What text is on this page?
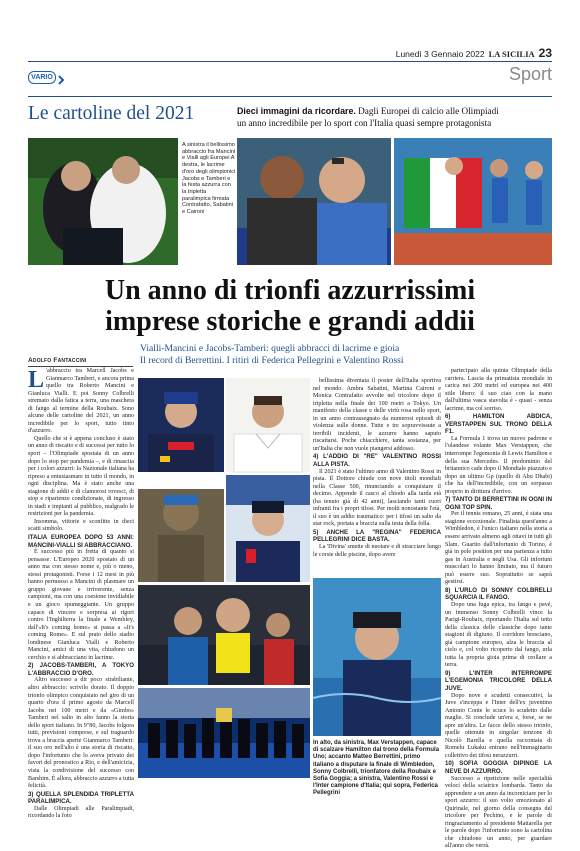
Lunedì 3 Gennaio 2022 LA SICILIA 23
VARIO	Sport
Le cartoline del 2021	Dieci immagini da ricordare. Dagli Europei di calcio alle Olimpiadi
un anno incredibile per lo sport con l'Italia quasi sempre protagonista
A sinistra il bellissimo abbraccio fra Mancini e Vialli agli Europei A destra, le lacrime d'oro degli olimpionici Jacobs e Tamberi e la festa azzurra con la tripletta paralimpica firmata Contrafatto, Sabatini e Caironi
Un anno di trionfi azzurrissimi
imprese storiche e grandi addii
Vialli-Mancini e Jacobs-Tamberi: quegli abbracci di lacrime e gioia
Il record di Berrettini. I ritiri di Federica Pellegrini e Valentino Rossi
Adolfo Fantaccini
L 'abbraccio tra Marcell Jacobs e Gianmarco Tamberi, e ancora prima quello tra Roberto Mancini e Gianluca Vialli. E poi Sonny Colbrelli stremato dalla fatica a terra, una maschera di fango al termine della Roubaix. Sono alcune delle cartoline del 2021, un anno incredibile per lo sport, tutto tinto d'azzurro.

Quello che si è appena concluso è stato un anno di riscatto e di successi per tutto lo sport – l'Olimpiade spostata di un anno dopo lo stop per pandemia –, e di rinascita per i colori azzurri: la Nazionale italiana ha ripreso a entusiasmare in tutto il mondo, in ogni disciplina. Ma è stato anche una stagione di addii e di clamorosi rovesci, di stop e ripartenze condizionate, di ingresso in stadi e impianti al pubblico, malgrado le restrizioni per la pandemia.

Insomma, vittorie e sconfitte in dieci scatti simbolo.

ITALIA EUROPEA DOPO 53 ANNI: MANCINI-VIALLI SI ABBRACCIANO.

È successo più in fretta di quanto si pensasse. L'Europeo 2020 spostato di un anno ma con stesso nome e, più o meno, stessi protagonisti. Forse i 12 mesi in più hanno permesso a Mancini di plasmare un gruppo giovane e irriverente, senza campioni, ma con una coesione invidiabile e un gioco spumeggiante. Un gruppo capace di vincere e sorpresa ai rigori contro l'Inghilterra la finale a Wembley, dall'«It's coming home» si passa a «It's coming Rome». E sul prato dello stadio londinese Gianluca Vialli e Roberto Mancini, amici di una vita, chiudono un cerchio e si abbracciano in lacrime.

2) JACOBS-TAMBERI, A TOKYO L'ABBRACCIO D'ORO.

Altro successo a dir poco strabiliante, altro abbraccio: scrivilo dorato. Il doppio trionfo olimpico conquistato nel giro di un quarto d'ora il primo agosto da Marcell Jacobs nei 100 metri e da «Gimbo» Tamberi nel salto in alto fanno la storia dello sport italiano. In 9"80, Jacobs folgora tutti, previsioni comprese, e sul traguardo trova a braccia aperte Gianmarco Tamberi: il suo oro nell'alto è una storia di riscatto, dopo l'infortunio che lo aveva privato dei favori del pronostico a Rio, e dell'amicizia, vista la condivisione del successo con Barshim. È allora, abbraccio azzurro a tutta felicità.

3) QUELLA SPLENDIDA TRIPLETTA PARALIMPICA.

Dalle Olimpiadi alle Paralimpiadi, ricordando la foto

In alto, da sinistra, Max Verstappen, capace di scalzare Hamilton dal trono della Formula Uno; accanto Matteo Berrettini, primo italiano a disputare la finale di Wimbledon, Sonny Colbrelli, trionfatore della Roubaix e Sofia Goggia; a sinistra, Valentino Rossi e l'Inter campione d'Italia; qui sopra, Federica Pellegrini

bellissima diventata il poster dell'Italia sportiva nel mondo. Ambra Sabatini, Martina Caironi e Monica Contrafatto avvolte nel tricolore dopo il tripletta nella finale dei 100 metri a Tokyo. Un manifesto della classe e delle virtù rosa nello sport, in un anno contrassegnato da numerosi episodi di violenza sulle donne. Tutte e tre sopravvissute a terribili incidenti, le azzurre hanno saputo riscattarsi. Poche chiacchiere, tanta sostanza, per un'Italia che non vuole piangersi addosso.

4) L'ADDIO DI "RE" VALENTINO ROSSI ALLA PISTA.

Il 2021 è stato l'ultimo anno di Valentino Rossi in pista. Il Dottore chiude con nove titoli mondiali nella Classe 500, rinunciando a conquistare il decimo. Appende il casco al chiodo alla tarda età (ha tenuto già di 42 anni), lasciando tanti cuori infranti fra i propri tifosi. Per molti nonostante l'età, il suo è un addio traumatico: per i tifosi un salto da star rock, portata a braccia sulla testa della folla.

5) ANCHE LA "REGINA" FEDERICA PELLEGRINI DICE BASTA.

La 'Divina' smette di nuotare e di stracciare lungo le corsie delle piscine, dopo avere

partecipato alla quinta Olimpiade della carriera. Lascia da primatista mondiale in carica nei 200 metri ed europea nei 400 stile libero: il suo ciao con la mano dall'ultima vasca stavolta è - quasi - senza lacrime, ma col sorriso.

6) HAMILTON ABDICA, VERSTAPPEN SUL TRONO DELLA F1.

La Formula 1 trova un nuovo padrone e l'olandese volante Max Verstappen, che interrompe l'egemonia di Lewis Hamilton e della sua Mercedes. Il predominio del britannico cade dopo il Mondiale piazzato e dopo un ultimo Gp (quello di Abu Dhabi) che ha dell'incredibile, con un sorpasso proprio in dirittura d'arrivo.

7) TANTO DI BERRETTINI IN OGNI IN OGNI TOP SPIN.

Per il tennis romano, 25 anni, è stata una stagione eccezionale. Finalista quest'anno a Wimbledon, è l'unico italiano nella storia a essere arrivato almeno agli ottavi in tutti gli Slam. Guarito dall'infortunio di Torino, è già in pole position per una partenza a tutto gas in Australia e negli Usa. Gli infortuni muscolari lo hanno limitato, ma il futuro può essere suo. Soprattutto se saprà gestirsi.

8) L'URLO DI SONNY COLBRELLI SQUARCIA IL FANGO.

Dopo una fuga epica, tra fango e pavé, un immenso Sonny Colbrelli vince la Parigi-Roubaix, riportando l'Italia sul tetto della classica delle classiche dopo tante stagioni di digiuno. Il corridore bresciano, già campione europeo, alza le braccia al cielo e, col volto ricoperto dal fango, urla tutta la propria gioia prima di crollare a terra.

9) L'INTER INTERROMPE L'EGEMONIA TRICOLORE DELLA JUVE.

Dopo nove e scudetti consecutivi, la Juve s'inceppa e l'Inter dell'ex juventino Antonio Conte le scuce lo scudetto dalle maglie. Si conclude un'era e, forse, se ne apre un'altra. Le facce dello stesso trionfo, quelle ottenute in singolar tenzone di Nicolò Barella e quella raccontata di Romelu Lukaku entrano nell'immaginario collettivo dei tifosi nerazzurri.

10) SOFIA GOGGIA DIPINGE LA NEVE DI AZZURRO.

Successo a ripetizione nelle specialità veloci della sciatrice lombarda. Tanto da apprendere a un anno da incorniciare per lo sport azzurro: il suo volto emozionato al Quirinale, nel giorno della consegna del tricolore per Pechino, e le parole di ringraziamento al presidente Mattarella per le parole dopo l'infortunio sono la cartolina che chiudono un anno, per guardare all'anno che verrà.
